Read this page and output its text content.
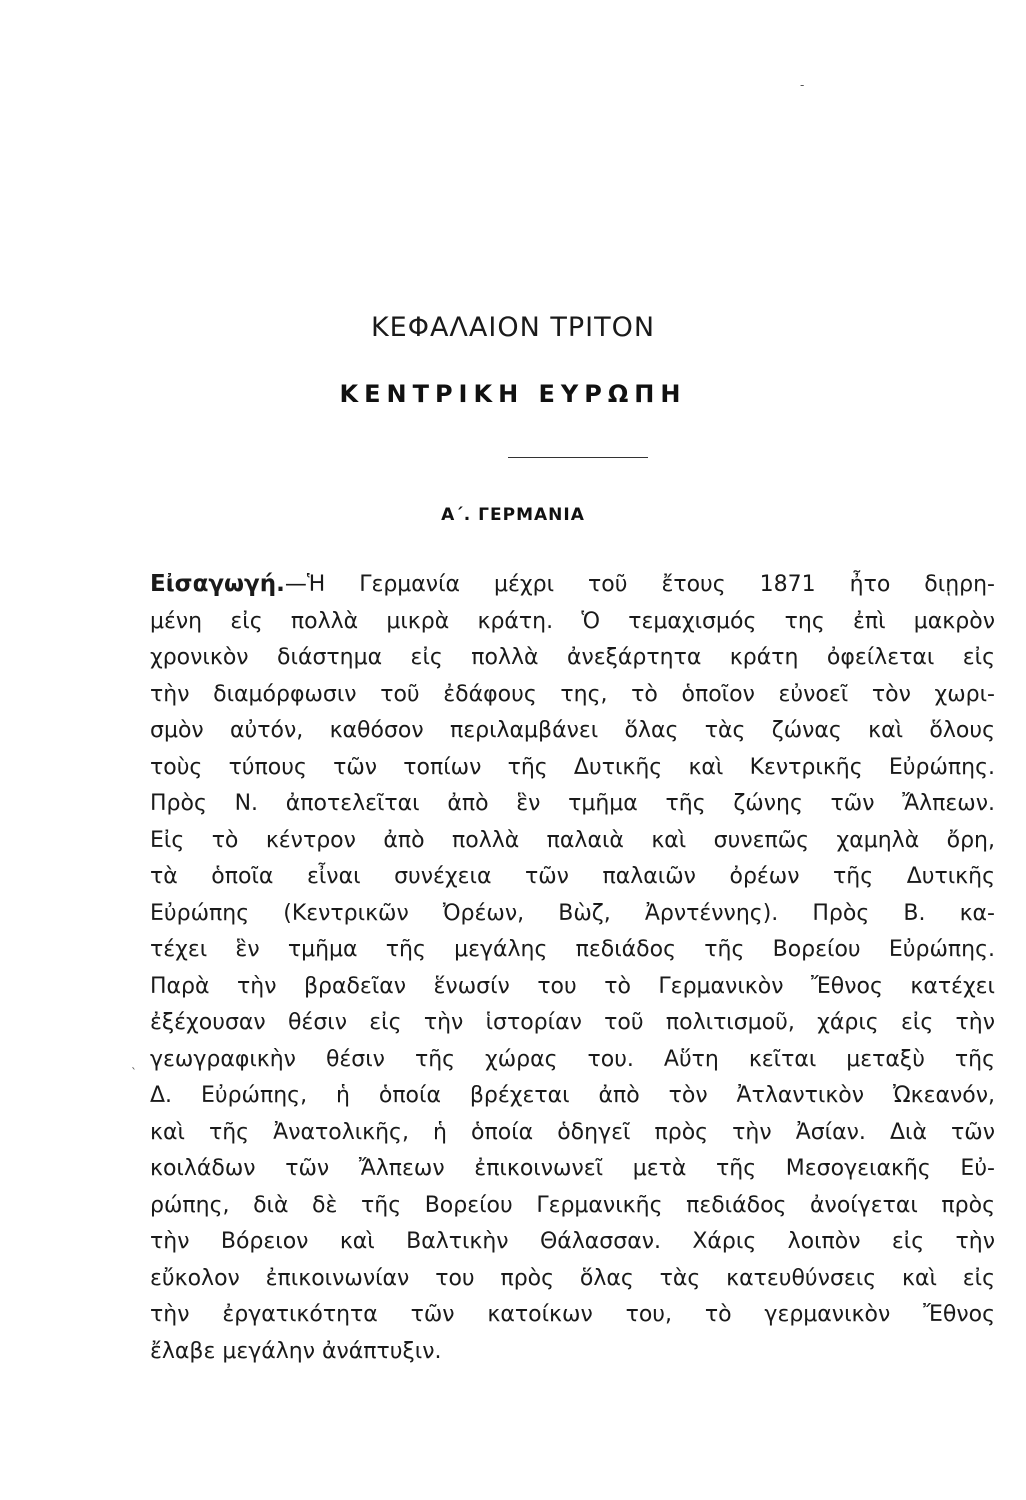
-
ΚΕΦΑΛΑΙΟΝ ΤΡΙΤΟΝ
ΚΕΝΤΡΙΚΗ ΕΥΡΩΠΗ
Α΄. ΓΕΡΜΑΝΙΑ
Εἰσαγωγή.—Ἡ Γερμανία μέχρι τοῦ ἔτους 1871 ἦτο διῃρη-
μένη εἰς πολλὰ μικρὰ κράτη. Ὁ τεμαχισμός της ἐπὶ μακρὸν
χρονικὸν διάστημα εἰς πολλὰ ἀνεξάρτητα κράτη ὀφείλεται εἰς
τὴν διαμόρφωσιν τοῦ ἐδάφους της, τὸ ὁποῖον εὐνοεῖ τὸν χωρι-
σμὸν αὐτόν, καθόσον περιλαμβάνει ὅλας τὰς ζώνας καὶ ὅλους
τοὺς τύπους τῶν τοπίων τῆς Δυτικῆς καὶ Κεντρικῆς Εὐρώπης.
Πρὸς Ν. ἀποτελεῖται ἀπὸ ἓν τμῆμα τῆς ζώνης τῶν Ἄλπεων.
Εἰς τὸ κέντρον ἀπὸ πολλὰ παλαιὰ καὶ συνεπῶς χαμηλὰ ὄρη,
τὰ ὁποῖα εἶναι συνέχεια τῶν παλαιῶν ὀρέων τῆς Δυτικῆς
Εὐρώπης (Κεντρικῶν Ὀρέων, Βὼζ, Ἀρντέννης). Πρὸς Β. κα-
τέχει ἓν τμῆμα τῆς μεγάλης πεδιάδος τῆς Βορείου Εὐρώπης.
Παρὰ τὴν βραδεῖαν ἕνωσίν του τὸ Γερμανικὸν Ἔθνος κατέχει
ἐξέχουσαν θέσιν εἰς τὴν ἱστορίαν τοῦ πολιτισμοῦ, χάρις εἰς τὴν
γεωγραφικὴν θέσιν τῆς χώρας του. Αὕτη κεῖται μεταξὺ τῆς
Δ. Εὐρώπης, ἡ ὁποία βρέχεται ἀπὸ τὸν Ἀτλαντικὸν Ὠκεανόν,
καὶ τῆς Ἀνατολικῆς, ἡ ὁποία ὁδηγεῖ πρὸς τὴν Ἀσίαν. Διὰ τῶν
κοιλάδων τῶν Ἄλπεων ἐπικοινωνεῖ μετὰ τῆς Μεσογειακῆς Εὐ-
ρώπης, διὰ δὲ τῆς Βορείου Γερμανικῆς πεδιάδος ἀνοίγεται πρὸς
τὴν Βόρειον καὶ Βαλτικὴν Θάλασσαν. Χάρις λοιπὸν εἰς τὴν
εὔκολον ἐπικοινωνίαν του πρὸς ὅλας τὰς κατευθύνσεις καὶ εἰς
τὴν ἐργατικότητα τῶν κατοίκων του, τὸ γερμανικὸν Ἔθνος
ἔλαβε μεγάλην ἀνάπτυξιν.
`
